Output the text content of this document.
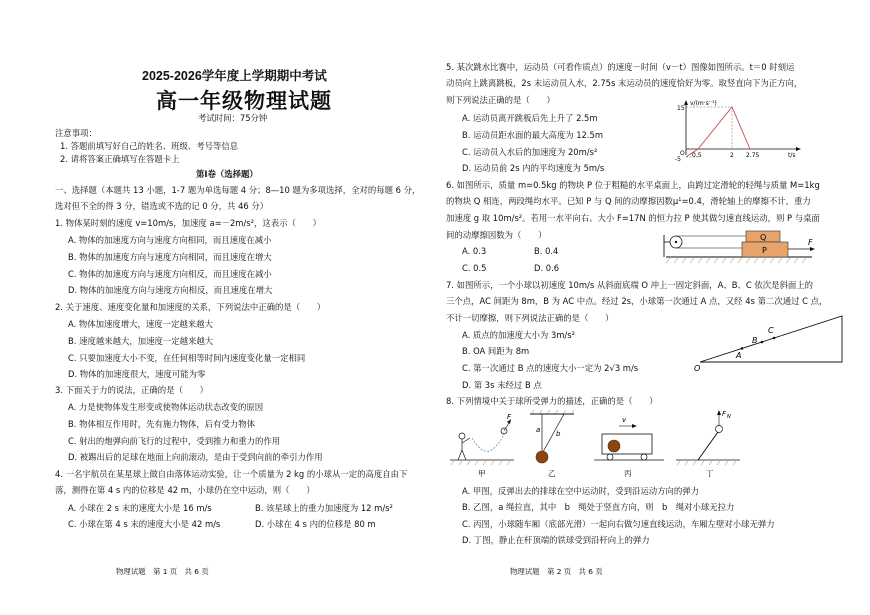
2025-2026学年度上学期期中考试
高一年级物理试题
考试时间：75分钟
注意事项：
1. 答题前填写好自己的姓名、班级、考号等信息
2. 请将答案正确填写在答题卡上
第Ⅰ卷（选择题）
一、选择题（本题共 13 小题，1-7 题为单选每题 4 分；8—10 题为多项选择，全对的每题 6 分，
选对但不全的得 3 分，错选或不选的记 0 分，共 46 分）
1. 物体某时刻的速度 v=10m/s，加速度 a=－2m/s²，这表示（　　）
A. 物体的加速度方向与速度方向相同，而且速度在减小
B. 物体的加速度方向与速度方向相同，而且速度在增大
C. 物体的加速度方向与速度方向相反，而且速度在减小
D. 物体的加速度方向与速度方向相反，而且速度在增大
2. 关于速度、速度变化量和加速度的关系，下列说法中正确的是（　　）
A. 物体加速度增大，速度一定越来越大
B. 速度越来越大，加速度一定越来越大
C. 只要加速度大小不变，在任何相等时间内速度变化量一定相同
D. 物体的加速度很大，速度可能为零
3. 下面关于力的说法，正确的是（　　）
A. 力是使物体发生形变或使物体运动状态改变的原因
B. 物体相互作用时，先有施力物体，后有受力物体
C. 射出的炮弹向前飞行的过程中，受到推力和重力的作用
D. 被踢出后的足球在地面上向前滚动，是由于受到向前的牵引力作用
4. 一名宇航员在某星球上做自由落体运动实验，让一个质量为 2 kg 的小球从一定的高度自由下
落，测得在第 4 s 内的位移是 42 m，小球仍在空中运动，则（　　）
A. 小球在 2 s 末的速度大小是 16 m/s	B. 该星球上的重力加速度为 12 m/s²
C. 小球在第 4 s 末的速度大小是 42 m/s	D. 小球在 4 s 内的位移是 80 m
物理试题　第 1 页　共 6 页
5. 某次跳水比赛中，运动员（可看作质点）的速度－时间（v－t）图像如图所示。t＝0 时刻运
动员向上跳离跳板，2s 末运动员入水，2.75s 末运动员的速度恰好为零。取竖直向下为正方向，
则下列说法正确的是（　　）
A. 运动员离开跳板后先上升了 2.5m
B. 运动员距水面的最大高度为 12.5m
C. 运动员入水后的加速度为 20m/s²
D. 运动员前 2s 内的平均速度为 5m/s
v/(m·s⁻¹)
15
-5
O 0.5	2 2.75	t/s
6. 如图所示，质量 m=0.5kg 的物块 P 位于粗糙的水平桌面上，由跨过定滑轮的轻绳与质量 M=1kg
的物块 Q 相连，两段绳均水平。已知 P 与 Q 间的动摩擦因数μ¹=0.4，滑轮轴上的摩擦不计，重力
加速度 g 取 10m/s²。若用一水平向右、大小 F=17N 的恒力拉 P 使其做匀速直线运动，则 P 与桌面
间的动摩擦因数为（　　）
A. 0.3	B. 0.4
C. 0.5	D. 0.6
Q
P
F
7. 如图所示，一个小球以初速度 10m/s 从斜面底端 O 冲上一固定斜面，A、B、C 依次是斜面上的
三个点，AC 间距为 8m，B 为 AC 中点。经过 2s，小球第一次通过 A 点，又经 4s 第二次通过 C 点，
不计一切摩擦，则下列说法正确的是（　　）
A. 质点的加速度大小为 3m/s²
B. OA 间距为 8m
C. 第一次通过 B 点的速度大小一定为 2√3 m/s
D. 第 3s 末经过 B 点
O
A
B
C
8. 下列情境中关于球所受弹力的描述，正确的是（　　）
F
甲
a b
乙
v
丙
F N
丁
A. 甲图，反弹出去的排球在空中运动时，受到沿运动方向的弹力
B. 乙图，a 绳拉直，其中　b　绳处于竖直方向，则　b　绳对小球无拉力
C. 丙图，小球随车厢（底部光滑）一起向右做匀速直线运动，车厢左壁对小球无弹力
D. 丁图，静止在杆顶端的铁球受到沿杆向上的弹力
物理试题　第 2 页　共 6 页
